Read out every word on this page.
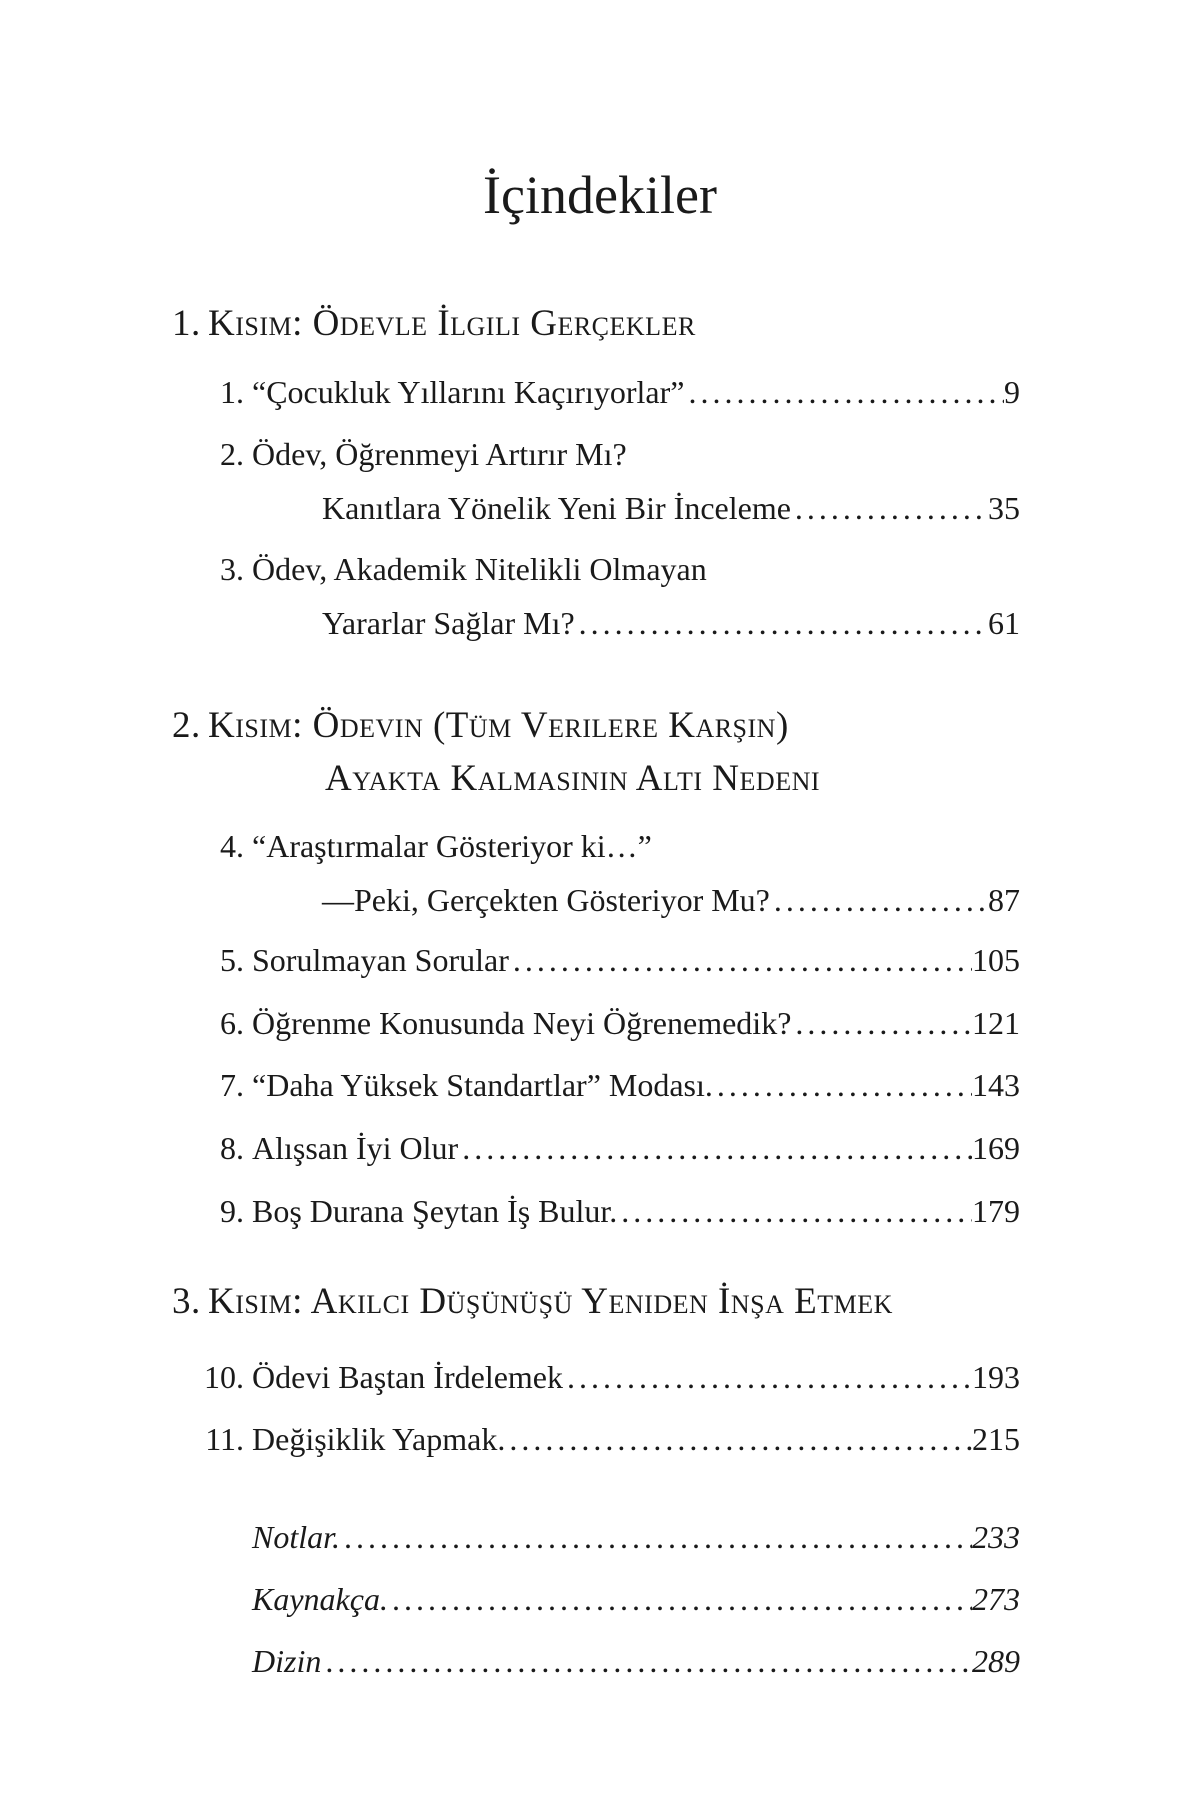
İçindekiler
1. Kısım: Ödevle İlgili Gerçekler
1. “Çocukluk Yıllarını Kaçırıyorlar” . . .	9
2. Ödev, Öğrenmeyi Artırır Mı?
Kanıtlara Yönelik Yeni Bir İnceleme . . .	35
3. Ödev, Akademik Nitelikli Olmayan
Yararlar Sağlar Mı? . . .	61
2. Kısım: Ödevin (Tüm Verilere Karşın)
Ayakta Kalmasının Altı Nedeni
4. “Araştırmalar Gösteriyor ki…”
—Peki, Gerçekten Gösteriyor Mu? . . .	87
5. Sorulmayan Sorular . . .	105
6. Öğrenme Konusunda Neyi Öğrenemedik? . . .	121
7. “Daha Yüksek Standartlar” Modası. . . .	143
8. Alışsan İyi Olur . . .	169
9. Boş Durana Şeytan İş Bulur. . . .	179
3. Kısım: Akılcı Düşünüşü Yeniden İnşa Etmek
10. Ödevi Baştan İrdelemek . . .	193
11. Değişiklik Yapmak. . . .	215
Notlar. . . .	233
Kaynakça. . . .	273
Dizin . . .	289
